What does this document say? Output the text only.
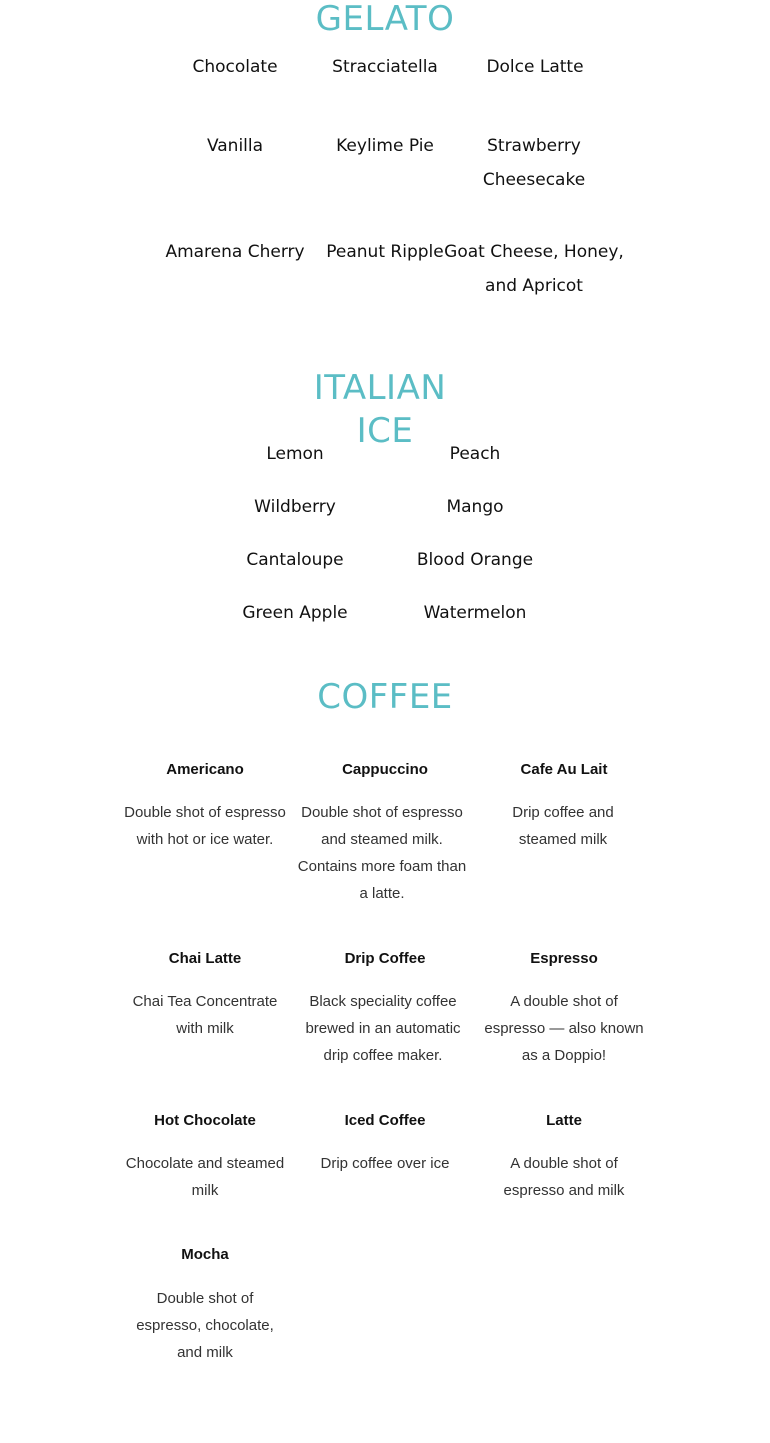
GELATO
Chocolate	Stracciatella	Dolce Latte
Vanilla	Keylime Pie	Strawberry Cheesecake
Amarena Cherry	Peanut Ripple Goat Cheese, Honey, and Apricot
ITALIAN
ICE
Lemon	Peach
Wildberry	Mango
Cantaloupe	Blood Orange
Green Apple	Watermelon
COFFEE
Americano
Double shot of espresso with hot or ice water.
Cappuccino
Double shot of espresso and steamed milk. Contains more foam than a latte.
Cafe Au Lait
Drip coffee and steamed milk
Chai Latte
Chai Tea Concentrate with milk
Drip Coffee
Black speciality coffee brewed in an automatic drip coffee maker.
Espresso
A double shot of espresso — also known as a Doppio!
Hot Chocolate
Chocolate and steamed milk
Iced Coffee
Drip coffee over ice
Latte
A double shot of espresso and milk
Mocha
Double shot of espresso, chocolate, and milk
